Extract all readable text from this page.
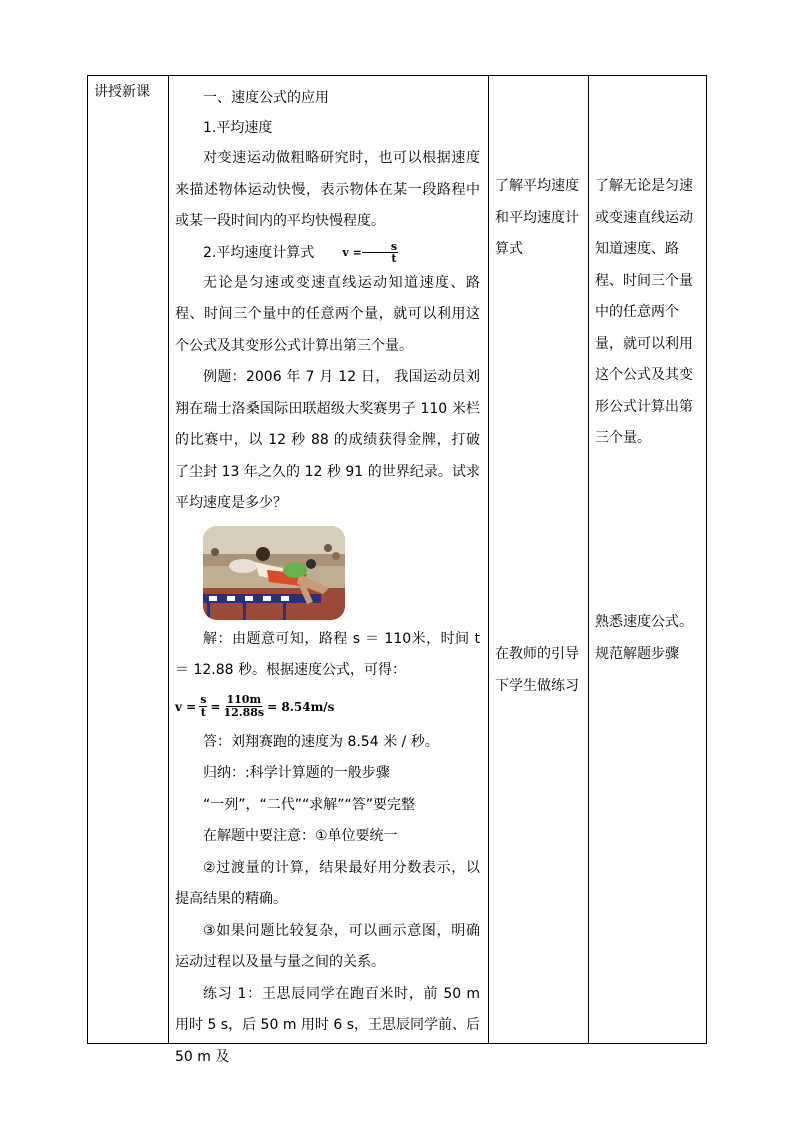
讲授新课	一、速度公式的应用
1.平均速度

对变速运动做粗略研究时，也可以根据速度来描述物体运动快慢，表示物体在某一段路程中或某一段时间内的平均快慢程度。

2.平均速度计算式	$v = \frac{s}{t}$

无论是匀速或变速直线运动知道速度、路程、时间三个量中的任意两个量，就可以利用这个公式及其变形公式计算出第三个量。

例题：2006 年 7 月 12 日， 我国运动员刘翔在瑞士洛桑国际田联超级大奖赛男子 110 米栏的比赛中，以 12 秒 88 的成绩获得金牌，打破了尘封 13 年之久的 12 秒 91 的世界纪录。试求平均速度是多少？

解：由题意可知，路程 s ＝ 110米，时间 t ＝ 12.88 秒。根据速度公式，可得：

$v = \frac{s}{t} = \frac{110m}{12.88s} = 8.54m/s$

答：刘翔赛跑的速度为 8.54 米 / 秒。

归纳：:科学计算题的一般步骤

“一列”，“二代”“求解”“答”要完整

在解题中要注意：①单位要统一

②过渡量的计算，结果最好用分数表示，以提高结果的精确。

③如果问题比较复杂，可以画示意图，明确运动过程以及量与量之间的关系。

练习 1：王思辰同学在跑百米时，前 50 m 用时 5 s，后 50 m 用时 6 s，王思辰同学前、后 50 m 及

了解平均速度和平均速度计算式

在教师的引导下学生做练习

了解无论是匀速或变速直线运动知道速度、路程、时间三个量中的任意两个量，就可以利用这个公式及其变形公式计算出第三个量。

熟悉速度公式。规范解题步骤
